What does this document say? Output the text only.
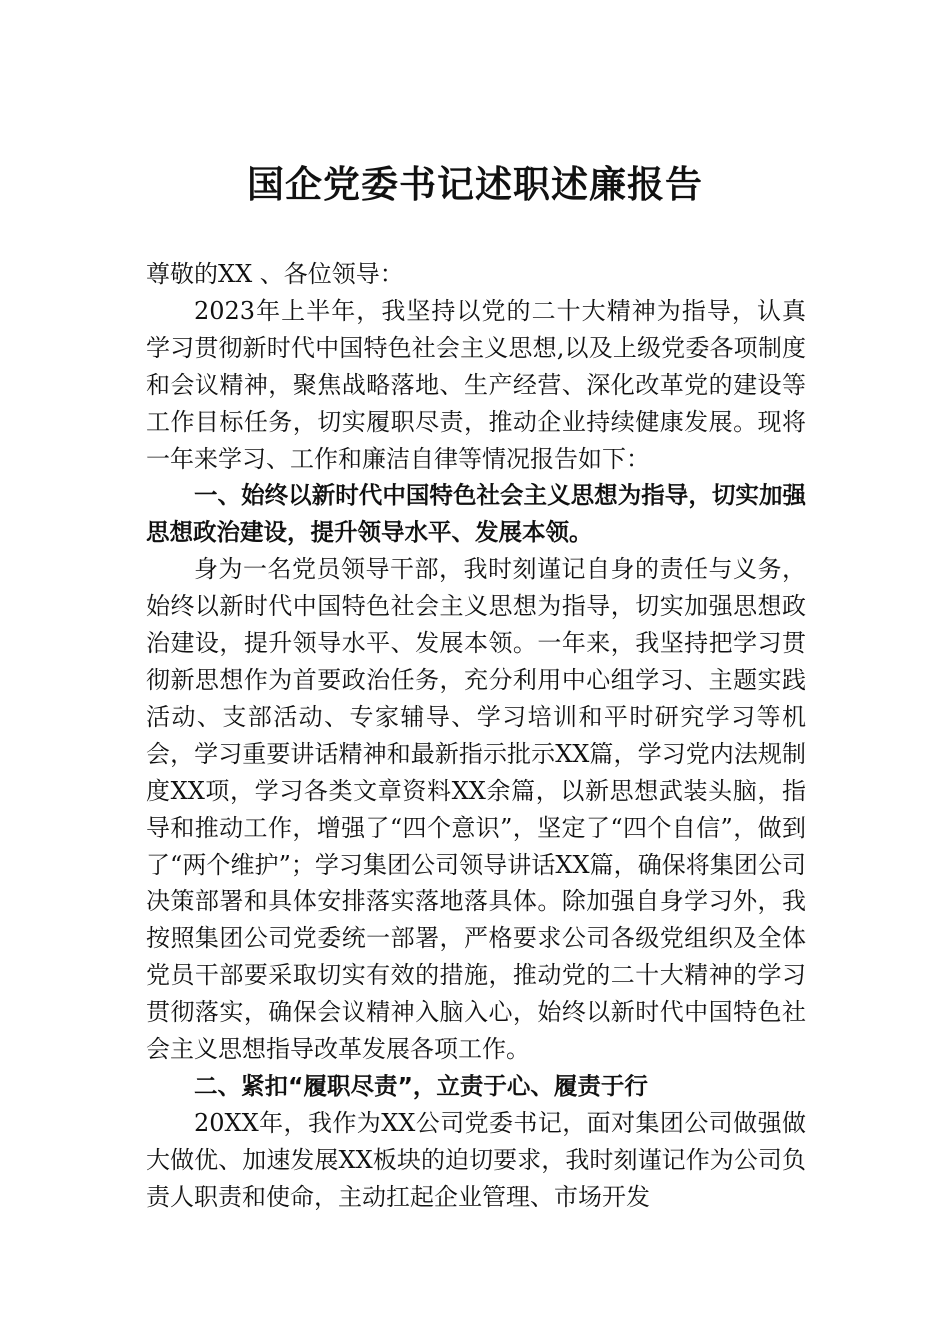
国企党委书记述职述廉报告

尊敬的XX 、各位领导：

2023年上半年，我坚持以党的二十大精神为指导，认真学习贯彻新时代中国特色社会主义思想,以及上级党委各项制度和会议精神，聚焦战略落地、生产经营、深化改革党的建设等工作目标任务，切实履职尽责，推动企业持续健康发展。现将一年来学习、工作和廉洁自律等情况报告如下：

一、始终以新时代中国特色社会主义思想为指导，切实加强思想政治建设，提升领导水平、发展本领。

身为一名党员领导干部，我时刻谨记自身的责任与义务，始终以新时代中国特色社会主义思想为指导，切实加强思想政治建设，提升领导水平、发展本领。一年来，我坚持把学习贯彻新思想作为首要政治任务，充分利用中心组学习、主题实践活动、支部活动、专家辅导、学习培训和平时研究学习等机会，学习重要讲话精神和最新指示批示XX篇，学习党内法规制度XX项，学习各类文章资料XX余篇，以新思想武装头脑，指导和推动工作，增强了“四个意识”，坚定了“四个自信”，做到了“两个维护”；学习集团公司领导讲话XX篇，确保将集团公司决策部署和具体安排落实落地落具体。除加强自身学习外，我按照集团公司党委统一部署，严格要求公司各级党组织及全体党员干部要采取切实有效的措施，推动党的二十大精神的学习贯彻落实，确保会议精神入脑入心，始终以新时代中国特色社会主义思想指导改革发展各项工作。

二、紧扣“履职尽责”，立责于心、履责于行

20XX年，我作为XX公司党委书记，面对集团公司做强做大做优、加速发展XX板块的迫切要求，我时刻谨记作为公司负责人职责和使命，主动扛起企业管理、市场开发
